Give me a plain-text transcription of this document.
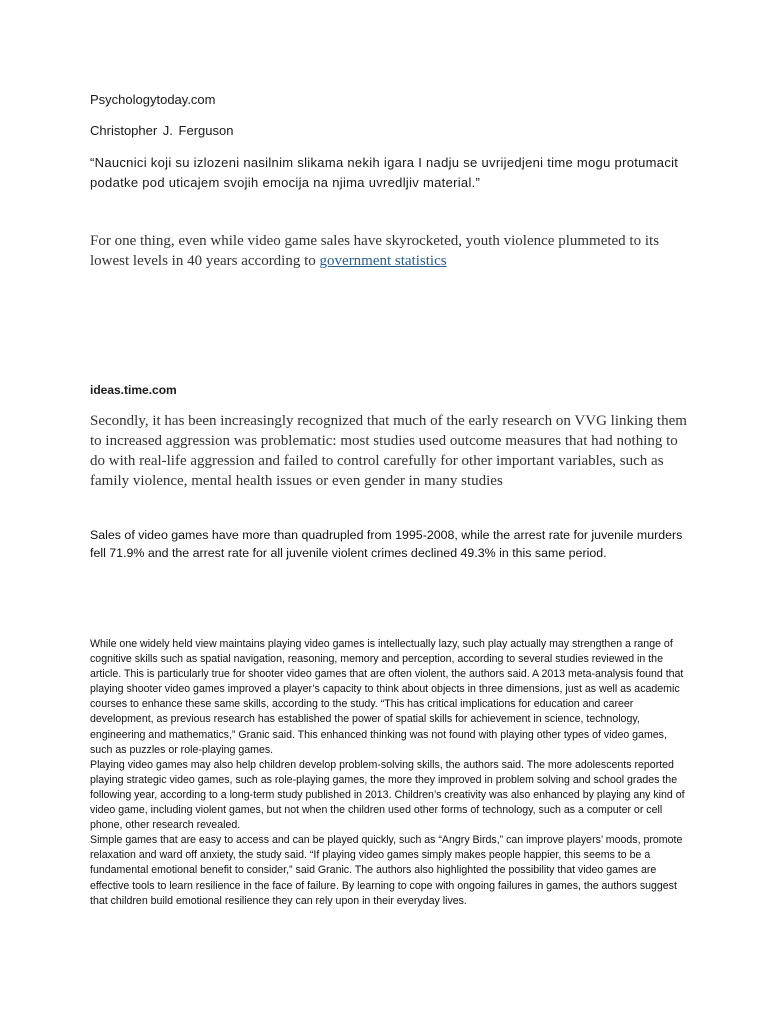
Psychologytoday.com
Christopher J. Ferguson
“Naucnici koji su izlozeni nasilnim slikama nekih igara I nadju se uvrijedjeni time mogu protumacit podatke pod uticajem svojih emocija na njima uvredljiv material.”
For one thing, even while video game sales have skyrocketed, youth violence plummeted to its lowest levels in 40 years according to government statistics
ideas.time.com
Secondly, it has been increasingly recognized that much of the early research on VVG linking them to increased aggression was problematic: most studies used outcome measures that had nothing to do with real-life aggression and failed to control carefully for other important variables, such as family violence, mental health issues or even gender in many studies
Sales of video games have more than quadrupled from 1995-2008, while the arrest rate for juvenile murders fell 71.9% and the arrest rate for all juvenile violent crimes declined 49.3% in this same period.

While one widely held view maintains playing video games is intellectually lazy, such play actually may strengthen a range of cognitive skills such as spatial navigation, reasoning, memory and perception, according to several studies reviewed in the article. This is particularly true for shooter video games that are often violent, the authors said. A 2013 meta-analysis found that playing shooter video games improved a player’s capacity to think about objects in three dimensions, just as well as academic courses to enhance these same skills, according to the study. “This has critical implications for education and career development, as previous research has established the power of spatial skills for achievement in science, technology, engineering and mathematics,” Granic said. This enhanced thinking was not found with playing other types of video games, such as puzzles or role-playing games.

Playing video games may also help children develop problem-solving skills, the authors said. The more adolescents reported playing strategic video games, such as role-playing games, the more they improved in problem solving and school grades the following year, according to a long-term study published in 2013. Children’s creativity was also enhanced by playing any kind of video game, including violent games, but not when the children used other forms of technology, such as a computer or cell phone, other research revealed.

Simple games that are easy to access and can be played quickly, such as “Angry Birds,” can improve players’ moods, promote relaxation and ward off anxiety, the study said. “If playing video games simply makes people happier, this seems to be a fundamental emotional benefit to consider,” said Granic. The authors also highlighted the possibility that video games are effective tools to learn resilience in the face of failure. By learning to cope with ongoing failures in games, the authors suggest that children build emotional resilience they can rely upon in their everyday lives.
